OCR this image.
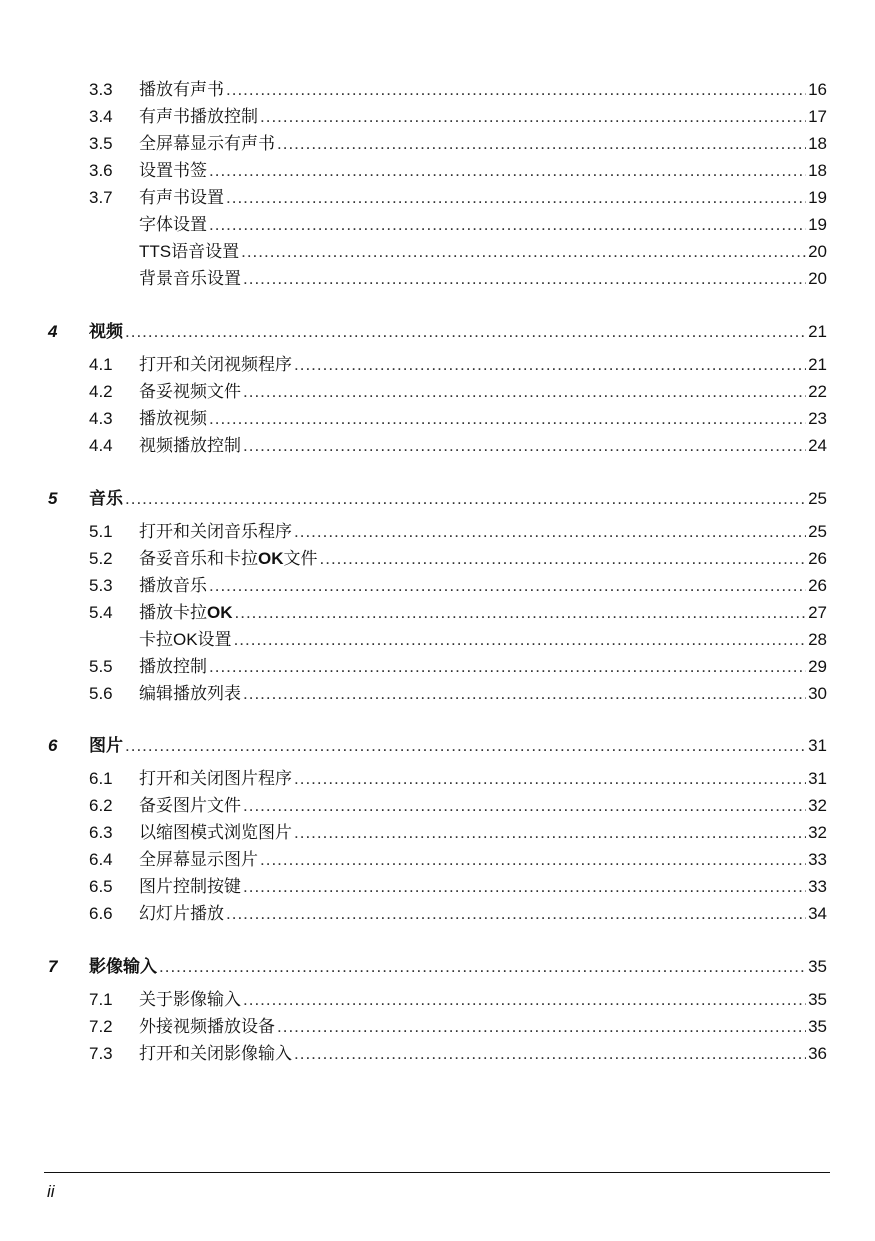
3.3 播放有声书 .....	16
3.4 有声书播放控制 .....	17
3.5 全屏幕显示有声书 .....	18
3.6 设置书签 .....	18
3.7 有声书设置 .....	19
字体设置 .....	19
TTS语音设置 .....	20
背景音乐设置 .....	20
4 视频 .....	21
4.1 打开和关闭视频程序 .....	21
4.2 备妥视频文件 .....	22
4.3 播放视频 .....	23
4.4 视频播放控制 .....	24
5 音乐 .....	25
5.1 打开和关闭音乐程序 .....	25
5.2 备妥音乐和卡拉OK文件 .....	26
5.3 播放音乐 .....	26
5.4 播放卡拉OK .....	27
卡拉OK设置 .....	28
5.5 播放控制 .....	29
5.6 编辑播放列表 .....	30
6 图片 .....	31
6.1 打开和关闭图片程序 .....	31
6.2 备妥图片文件 .....	32
6.3 以缩图模式浏览图片 .....	32
6.4 全屏幕显示图片 .....	33
6.5 图片控制按键 .....	33
6.6 幻灯片播放 .....	34
7 影像输入 .....	35
7.1 关于影像输入 .....	35
7.2 外接视频播放设备 .....	35
7.3 打开和关闭影像输入 .....	36
ii
